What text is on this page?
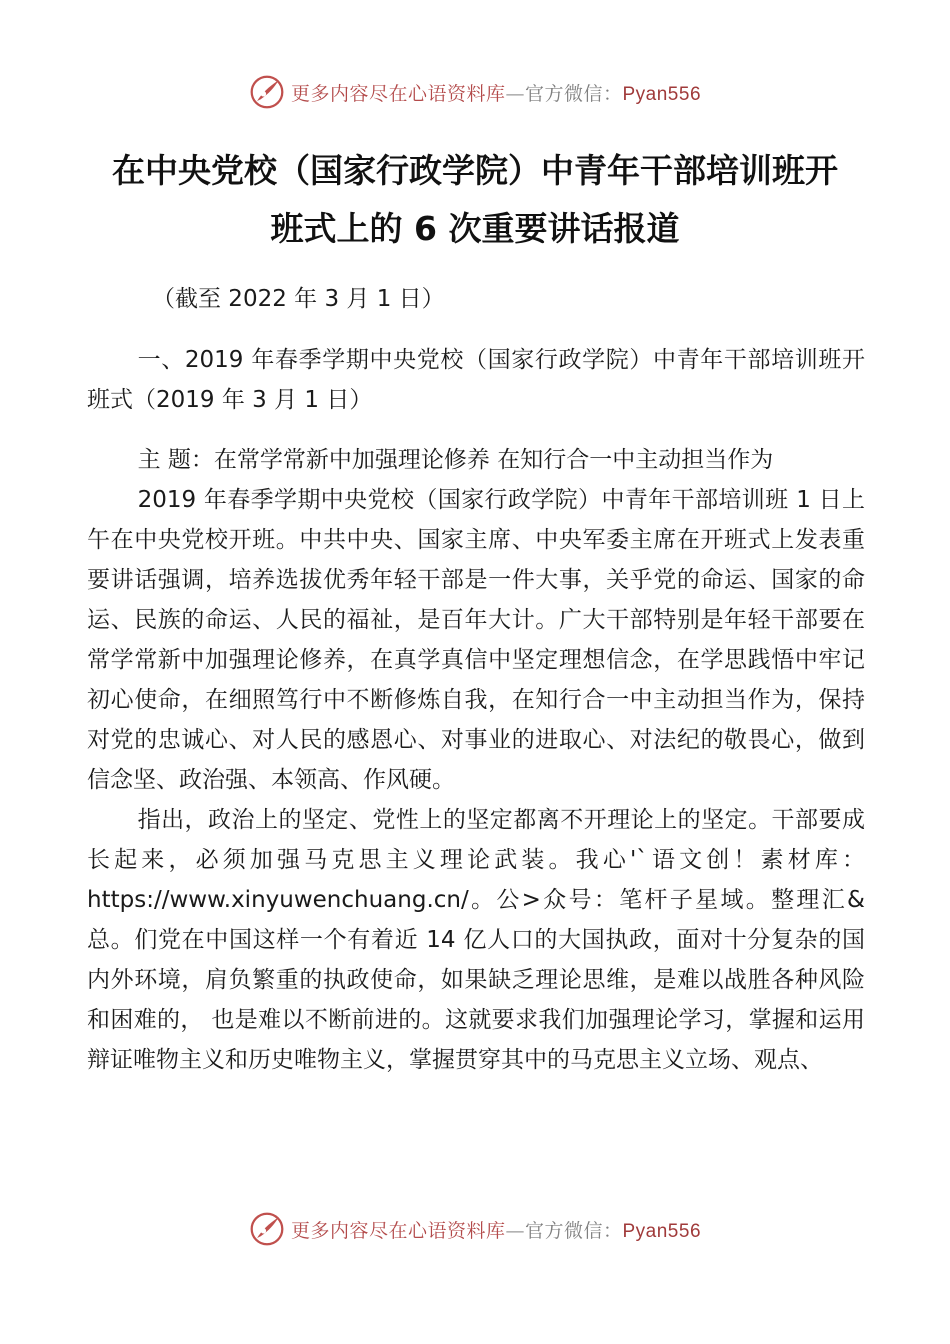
更多内容尽在心语资料库—官方微信：Pyan556
在中央党校（国家行政学院）中青年干部培训班开
班式上的 6 次重要讲话报道
（截至 2022 年 3 月 1 日）

一、2019 年春季学期中央党校（国家行政学院）中青年干部培训班开班式（2019 年 3 月 1 日）

主 题：在常学常新中加强理论修养 在知行合一中主动担当作为

2019 年春季学期中央党校（国家行政学院）中青年干部培训班 1 日上午在中央党校开班。中共中央、国家主席、中央军委主席在开班式上发表重要讲话强调，培养选拔优秀年轻干部是一件大事，关乎党的命运、国家的命运、民族的命运、人民的福祉，是百年大计。广大干部特别是年轻干部要在常学常新中加强理论修养，在真学真信中坚定理想信念，在学思践悟中牢记初心使命，在细照笃行中不断修炼自我，在知行合一中主动担当作为，保持对党的忠诚心、对人民的感恩心、对事业的进取心、对法纪的敬畏心，做到信念坚、政治强、本领高、作风硬。

指出，政治上的坚定、党性上的坚定都离不开理论上的坚定。干部要成长起来，必须加强马克思主义理论武装。我心'`语文创！素材库：https://www.xinyuwenchuang.cn/。公>众号：笔杆子星域。整理汇&总。们党在中国这样一个有着近 14 亿人口的大国执政，面对十分复杂的国内外环境，肩负繁重的执政使命，如果缺乏理论思维，是难以战胜各种风险和困难的， 也是难以不断前进的。这就要求我们加强理论学习，掌握和运用辩证唯物主义和历史唯物主义，掌握贯穿其中的马克思主义立场、观点、

更多内容尽在心语资料库—官方微信：Pyan556
